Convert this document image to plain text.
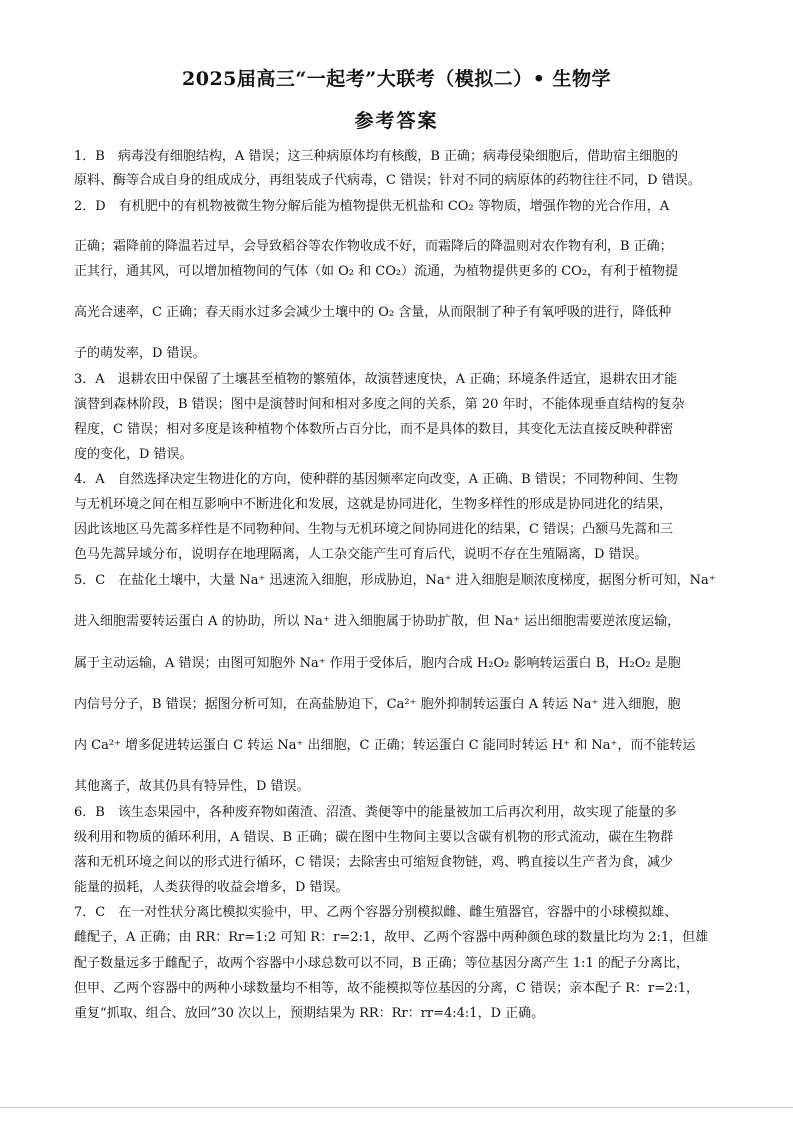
2025届高三“一起考”大联考（模拟二）• 生物学
参考答案
1．B　病毒没有细胞结构，A 错误；这三种病原体均有核酸，B 正确；病毒侵染细胞后，借助宿主细胞的
原料、酶等合成自身的组成成分，再组装成子代病毒，C 错误；针对不同的病原体的药物往往不同，D 错误。
2．D　有机肥中的有机物被微生物分解后能为植物提供无机盐和 CO₂ 等物质，增强作物的光合作用，A
正确；霜降前的降温若过早，会导致稻谷等农作物收成不好，而霜降后的降温则对农作物有利，B 正确；
正其行，通其风，可以增加植物间的气体（如 O₂ 和 CO₂）流通，为植物提供更多的 CO₂，有利于植物提
高光合速率，C 正确；春天雨水过多会减少土壤中的 O₂ 含量，从而限制了种子有氧呼吸的进行，降低种
子的萌发率，D 错误。
3．A　退耕农田中保留了土壤甚至植物的繁殖体，故演替速度快，A 正确；环境条件适宜，退耕农田才能
演替到森林阶段，B 错误；图中是演替时间和相对多度之间的关系，第 20 年时，不能体现垂直结构的复杂
程度，C 错误；相对多度是该种植物个体数所占百分比，而不是具体的数目，其变化无法直接反映种群密
度的变化，D 错误。
4．A　自然选择决定生物进化的方向，使种群的基因频率定向改变，A 正确、B 错误；不同物种间、生物
与无机环境之间在相互影响中不断进化和发展，这就是协同进化，生物多样性的形成是协同进化的结果，
因此该地区马先蒿多样性是不同物种间、生物与无机环境之间协同进化的结果，C 错误；凸额马先蒿和三
色马先蒿异域分布，说明存在地理隔离，人工杂交能产生可育后代，说明不存在生殖隔离，D 错误。
5．C　在盐化土壤中，大量 Na⁺ 迅速流入细胞，形成胁迫，Na⁺ 进入细胞是顺浓度梯度，据图分析可知，Na⁺
进入细胞需要转运蛋白 A 的协助，所以 Na⁺ 进入细胞属于协助扩散，但 Na⁺ 运出细胞需要逆浓度运输，
属于主动运输，A 错误；由图可知胞外 Na⁺ 作用于受体后，胞内合成 H₂O₂ 影响转运蛋白 B，H₂O₂ 是胞
内信号分子，B 错误；据图分析可知，在高盐胁迫下，Ca²⁺ 胞外抑制转运蛋白 A 转运 Na⁺ 进入细胞，胞
内 Ca²⁺ 增多促进转运蛋白 C 转运 Na⁺ 出细胞，C 正确；转运蛋白 C 能同时转运 H⁺ 和 Na⁺，而不能转运
其他离子，故其仍具有特异性，D 错误。
6．B　该生态果园中，各种废弃物如菌渣、沼渣、粪便等中的能量被加工后再次利用，故实现了能量的多
级利用和物质的循环利用，A 错误、B 正确；碳在图中生物间主要以含碳有机物的形式流动，碳在生物群
落和无机环境之间以的形式进行循环，C 错误；去除害虫可缩短食物链，鸡、鸭直接以生产者为食，减少
能量的损耗，人类获得的收益会增多，D 错误。
7．C　在一对性状分离比模拟实验中，甲、乙两个容器分别模拟雌、雌生殖器官，容器中的小球模拟雄、
雌配子，A 正确；由 RR：Rr=1:2 可知 R：r=2:1，故甲、乙两个容器中两种颜色球的数量比均为 2:1，但雄
配子数量远多于雌配子，故两个容器中小球总数可以不同，B 正确；等位基因分离产生 1:1 的配子分离比，
但甲、乙两个容器中的两种小球数量均不相等，故不能模拟等位基因的分离，C 错误；亲本配子 R：r=2:1，
重复“抓取、组合、放回”30 次以上，预期结果为 RR：Rr：rr=4:4:1，D 正确。
